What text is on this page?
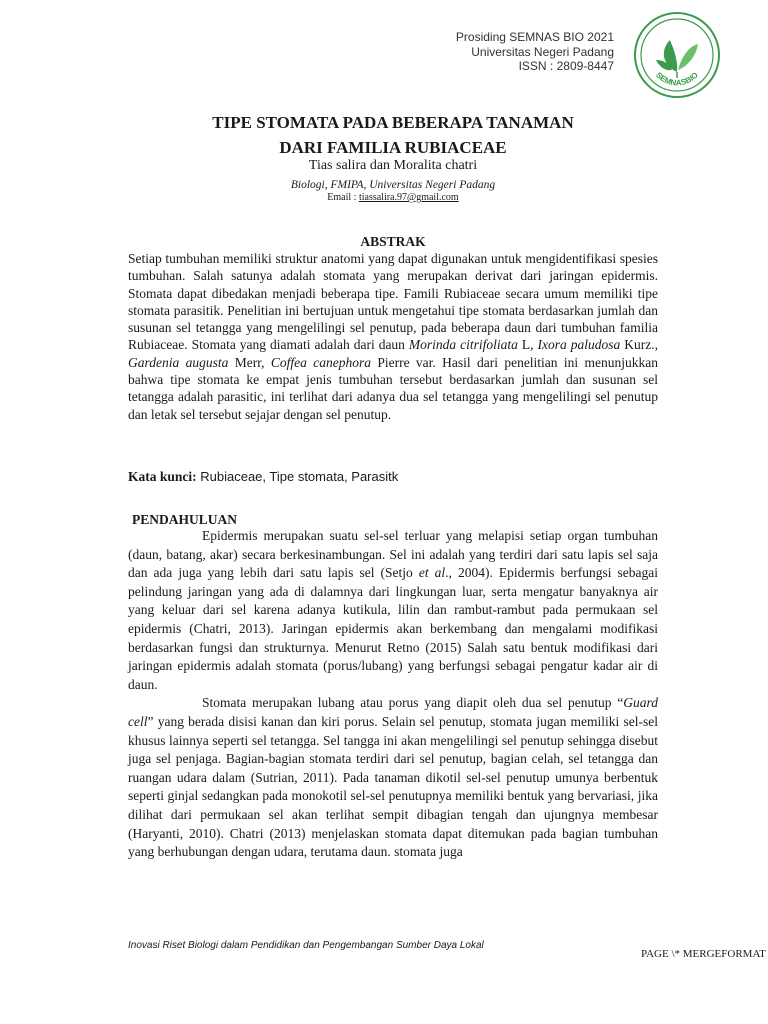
Prosiding SEMNAS BIO 2021
Universitas Negeri Padang
ISSN : 2809-8447
SEMNASBIO
TIPE STOMATA PADA BEBERAPA TANAMAN
DARI FAMILIA RUBIACEAE

Tias salira dan Moralita chatri

Biologi, FMIPA, Universitas Negeri Padang

Email : tiassalira.97@gmail.com

ABSTRAK

Setiap tumbuhan memiliki struktur anatomi yang dapat digunakan untuk mengidentifikasi spesies tumbuhan. Salah satunya adalah stomata yang merupakan derivat dari jaringan epidermis. Stomata dapat dibedakan menjadi beberapa tipe. Famili Rubiaceae secara umum memiliki tipe stomata parasitik. Penelitian ini bertujuan untuk mengetahui tipe stomata berdasarkan jumlah dan susunan sel tetangga yang mengelilingi sel penutup, pada beberapa daun dari tumbuhan familia Rubiaceae. Stomata yang diamati adalah dari daun Morinda citrifoliata L, Ixora paludosa Kurz., Gardenia augusta Merr, Coffea canephora Pierre var. Hasil dari penelitian ini menunjukkan bahwa tipe stomata ke empat jenis tumbuhan tersebut berdasarkan jumlah dan susunan sel tetangga adalah parasitic, ini terlihat dari adanya dua sel tetangga yang mengelilingi sel penutup dan letak sel tersebut sejajar dengan sel penutup.

Kata kunci: Rubiaceae, Tipe stomata, Parasitk

PENDAHULUAN

Epidermis merupakan suatu sel-sel terluar yang melapisi setiap organ tumbuhan (daun, batang, akar) secara berkesinambungan. Sel ini adalah yang terdiri dari satu lapis sel saja dan ada juga yang lebih dari satu lapis sel (Setjo et al., 2004). Epidermis berfungsi sebagai pelindung jaringan yang ada di dalamnya dari lingkungan luar, serta mengatur banyaknya air yang keluar dari sel karena adanya kutikula, lilin dan rambut-rambut pada permukaan sel epidermis (Chatri, 2013). Jaringan epidermis akan berkembang dan mengalami modifikasi berdasarkan fungsi dan strukturnya. Menurut Retno (2015) Salah satu bentuk modifikasi dari jaringan epidermis adalah stomata (porus/lubang) yang berfungsi sebagai pengatur kadar air di daun.

Stomata merupakan lubang atau porus yang diapit oleh dua sel penutup “Guard cell” yang berada disisi kanan dan kiri porus. Selain sel penutup, stomata jugan memiliki sel-sel khusus lainnya seperti sel tetangga. Sel tangga ini akan mengelilingi sel penutup sehingga disebut juga sel penjaga. Bagian-bagian stomata terdiri dari sel penutup, bagian celah, sel tetangga dan ruangan udara dalam (Sutrian, 2011). Pada tanaman dikotil sel-sel penutup umunya berbentuk seperti ginjal sedangkan pada monokotil sel-sel penutupnya memiliki bentuk yang bervariasi, jika dilihat dari permukaan sel akan terlihat sempit dibagian tengah dan ujungnya membesar (Haryanti, 2010). Chatri (2013) menjelaskan stomata dapat ditemukan pada bagian tumbuhan yang berhubungan dengan udara, terutama daun. stomata juga

Inovasi Riset Biologi dalam Pendidikan dan Pengembangan Sumber Daya Lokal

PAGE \* MERGEFORMAT
